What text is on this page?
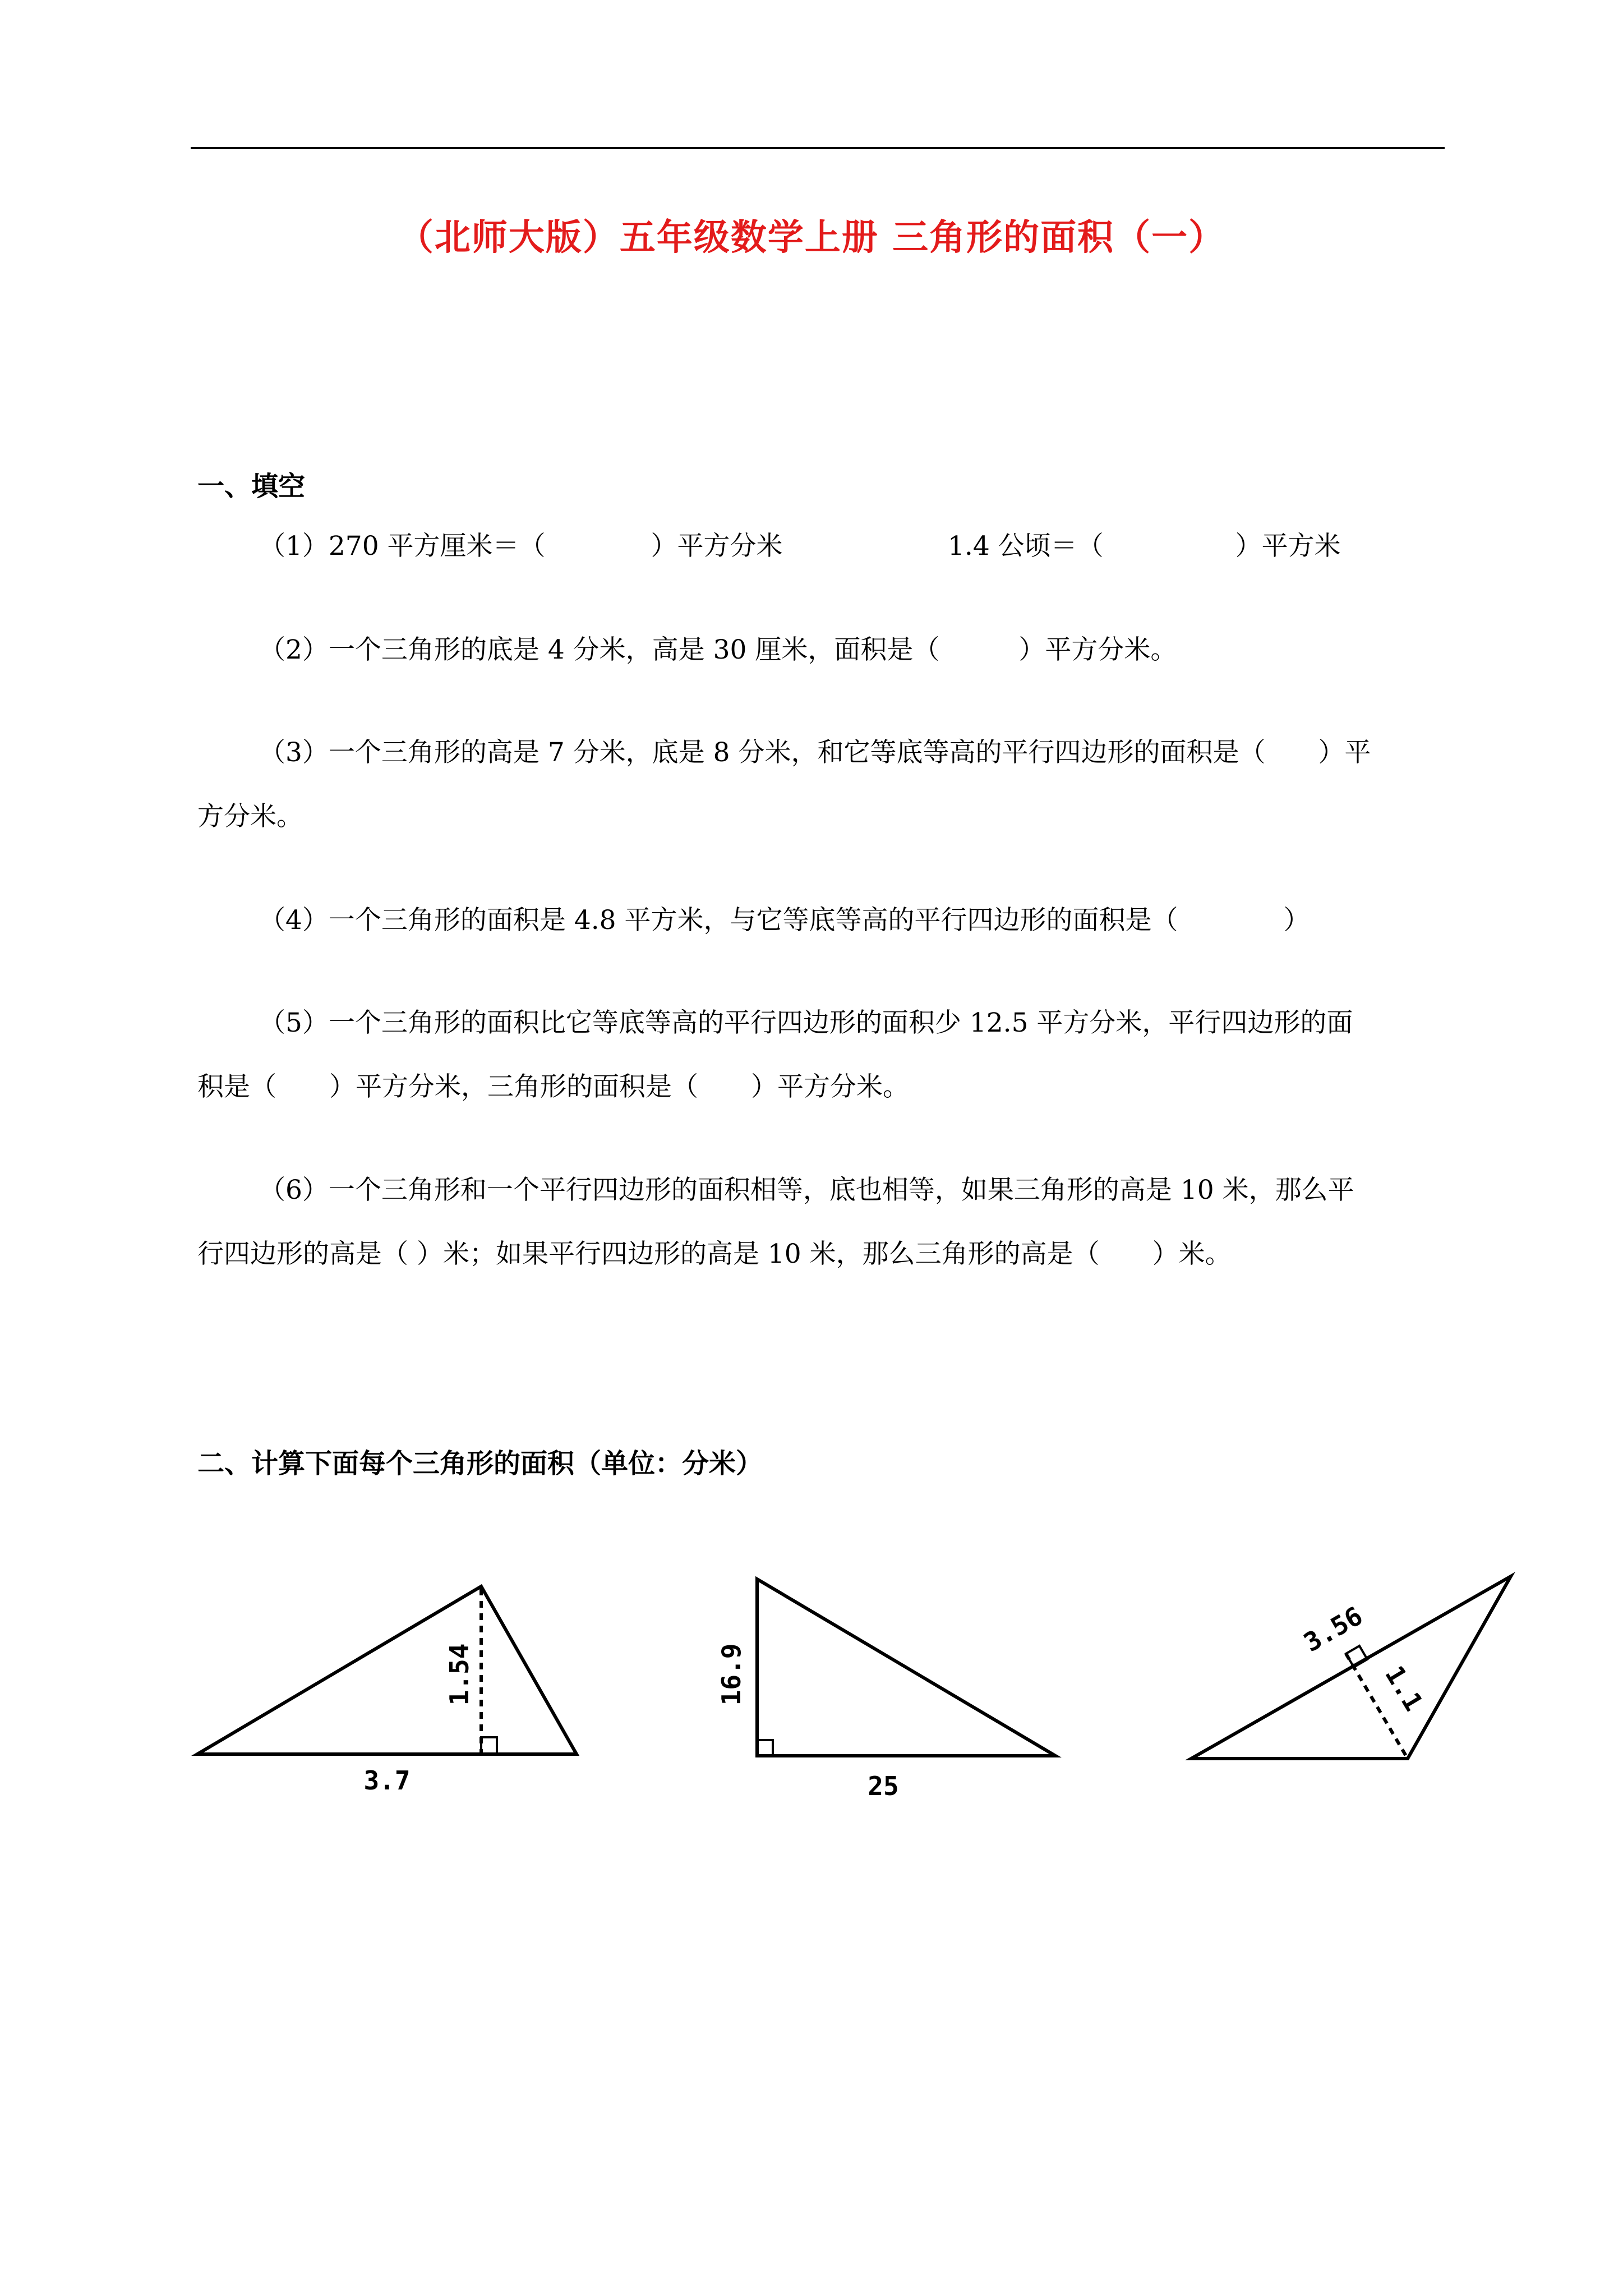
（北师大版）五年级数学上册 三角形的面积（一）
一、填空
（1）270 平方厘米＝（　　　　）平方分米	1.4 公顷＝（　　　　　）平方米
（2）一个三角形的底是 4 分米，高是 30 厘米，面积是（　　　）平方分米。
（3）一个三角形的高是 7 分米，底是 8 分米，和它等底等高的平行四边形的面积是（　　）平
方分米。
（4）一个三角形的面积是 4.8 平方米，与它等底等高的平行四边形的面积是（　　　　）
（5）一个三角形的面积比它等底等高的平行四边形的面积少 12.5 平方分米，平行四边形的面
积是（　　）平方分米，三角形的面积是（　　）平方分米。
（6）一个三角形和一个平行四边形的面积相等，底也相等，如果三角形的高是 10 米，那么平
行四边形的高是（ ）米；如果平行四边形的高是 10 米，那么三角形的高是（　　）米。
二、计算下面每个三角形的面积（单位：分米）
3.7
1.54
25
16.9
3.56
1.1
